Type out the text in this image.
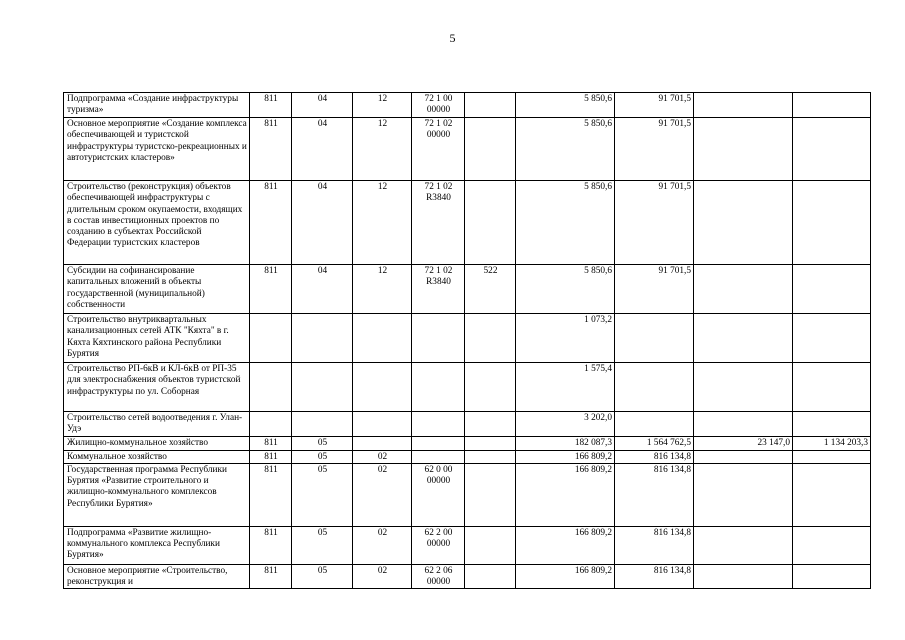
5
Подпрограмма «Создание инфраструктуры туризма»	811	04	12	72 1 00 00000		5 850,6	91 701,5		
Основное мероприятие «Создание комплекса обеспечивающей и туристской инфраструктуры туристско-рекреационных и автотуристских кластеров»	811	04	12	72 1 02 00000		5 850,6	91 701,5		
Строительство (реконструкция) объектов обеспечивающей инфраструктуры с длительным сроком окупаемости, входящих в состав инвестиционных проектов по созданию в субъектах Российской Федерации туристских кластеров	811	04	12	72 1 02 R3840		5 850,6	91 701,5		
Субсидии на софинансирование капитальных вложений в объекты государственной (муниципальной) собственности	811	04	12	72 1 02 R3840	522	5 850,6	91 701,5		
Строительство внутриквартальных канализационных сетей АТК "Кяхта" в г. Кяхта Кяхтинского района Республики Бурятия						1 073,2			
Строительство РП-6кВ и КЛ-6кВ от РП-35 для электроснабжения объектов туристской инфраструктуры по ул. Соборная						1 575,4			
Строительство сетей водоотведения г. Улан-Удэ						3 202,0			
Жилищно-коммунальное хозяйство	811	05				182 087,3	1 564 762,5	23 147,0	1 134 203,3
Коммунальное хозяйство	811	05	02			166 809,2	816 134,8		
Государственная программа Республики Бурятия «Развитие строительного и жилищно-коммунального комплексов Республики Бурятия»	811	05	02	62 0 00 00000		166 809,2	816 134,8		
Подпрограмма «Развитие жилищно-коммунального комплекса Республики Бурятия»	811	05	02	62 2 00 00000		166 809,2	816 134,8		
Основное мероприятие «Строительство, реконструкция и	811	05	02	62 2 06 00000		166 809,2	816 134,8		
